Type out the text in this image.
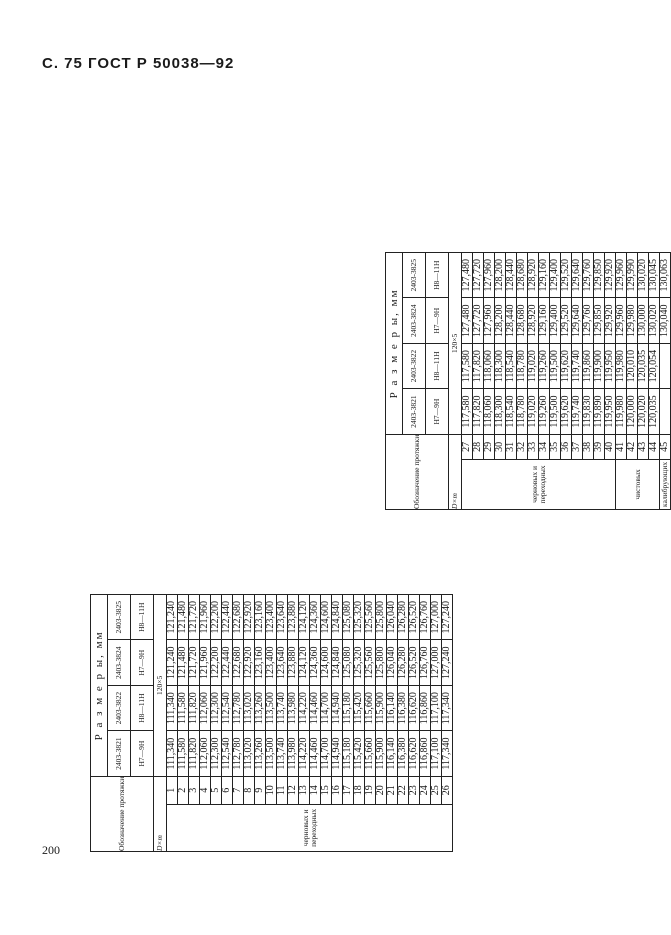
С. 75 ГОСТ Р 50038—92
200	Обозначение протяжки		Р а з м е р ы, мм			
		2403-3821	2403-3822	2403-3824	2403-3825
		Н7—9Н	Н8—11Н	Н7—9Н	Н8—11Н
D×m		120×5			
черновых и переходных	1	111,340	111,340	121,240	121,240
	2	111,580	111,580	121,480	121,480
	3	111,820	111,820	121,720	121,720
	4	112,060	112,060	121,960	121,960
	5	112,300	112,300	122,200	122,200
	6	112,540	112,540	122,440	122,440
	7	112,780	112,780	122,680	122,680
	8	113,020	113,020	122,920	122,920
	9	113,260	113,260	123,160	123,160
	10	113,500	113,500	123,400	123,400
	11	113,740	113,740	123,640	123,640
	12	113,980	113,980	123,880	123,880
	13	114,220	114,220	124,120	124,120
	14	114,460	114,460	124,360	124,360
	15	114,700	114,700	124,600	124,600
	16	114,940	114,940	124,840	124,840
	17	115,180	115,180	125,080	125,080
	18	115,420	115,420	125,320	125,320
	19	115,660	115,660	125,560	125,560
	20	115,900	115,900	125,800	125,800
	21	116,140	116,140	126,040	126,040
	22	116,380	116,380	126,280	126,280
	23	116,620	116,620	126,520	126,520
	24	116,860	116,860	126,760	126,760
	25	117,100	117,100	127,000	127,000
	26	117,340	117,340	127,240	127,240
Обозначение протяжки		Р а з м е р ы, мм			
		2403-3821	2403-3822	2403-3824	2403-3825
		Н7—9Н	Н8—11Н	Н7—9Н	Н8—11Н
D×m		120×5			
черновых и переходных	27	117,580	117,580	127,480	127,480
	28	117,820	117,820	127,720	127,720
	29	118,060	118,060	127,960	127,960
	30	118,300	118,300	128,200	128,200
	31	118,540	118,540	128,440	128,440
	32	118,780	118,780	128,680	128,680
	33	119,020	119,020	128,920	128,920
	34	119,260	119,260	129,160	129,160
	35	119,500	119,500	129,400	129,400
	36	119,620	119,620	129,520	129,520
	37	119,740	119,740	129,640	129,640
	38	119,830	119,860	129,760	129,760
	39	119,890	119,900	129,850	129,850
	40	119,950	119,950	129,920	129,920
чистовых	41	119,980	119,980	129,960	129,960
	42	120,000	120,010	129,980	129,990
	43	120,020	120,035	130,000	130,020
	44	120,035	120,054	130,020	130,045
калибрующих	45			130,040	130,063
